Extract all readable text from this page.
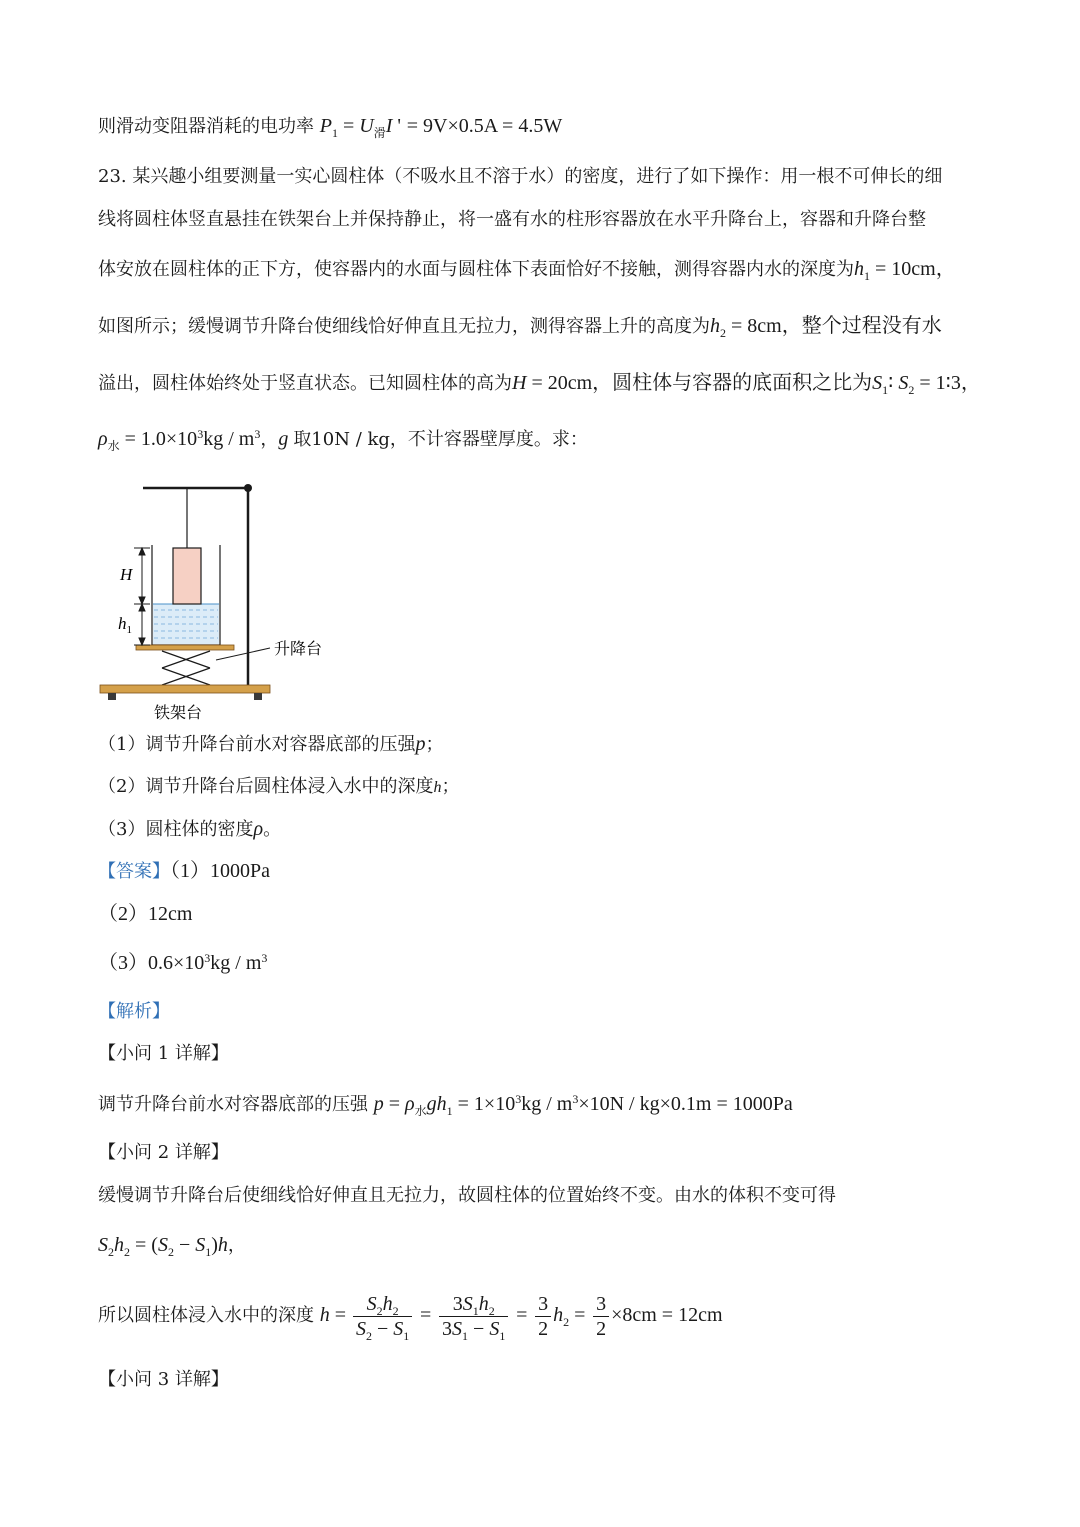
则滑动变阻器消耗的电功率 $P_1 = U_滑I$ ' = 9V×0.5A = 4.5W
23. 某兴趣小组要测量一实心圆柱体（不吸水且不溶于水）的密度，进行了如下操作：用一根不可伸长的细
线将圆柱体竖直悬挂在铁架台上并保持静止，将一盛有水的柱形容器放在水平升降台上，容器和升降台整
体安放在圆柱体的正下方，使容器内的水面与圆柱体下表面恰好不接触，测得容器内水的深度为$h_1 = 10cm$，
如图所示；缓慢调节升降台使细线恰好伸直且无拉力，测得容器上升的高度为$h_2 = 8cm$，整个过程没有水
溢出，圆柱体始终处于竖直状态。已知圆柱体的高为H = 20cm，圆柱体与容器的底面积之比为$S_1∶$ $S_2$ = 1∶3，
$\rho_水 = 1.0\times 10^3kg / m^3$，g 取10N / kg，不计容器壁厚度。求：
升降台
铁架台
H
$h_1$
（1）调节升降台前水对容器底部的压强p；
（2）调节升降台后圆柱体浸入水中的深度h；
（3）圆柱体的密度ρ。
【答案】（1）1000Pa
（2）12cm
$(3)0.6\times 10^3kg / m^3$
【解析】
【小问 1 详解】
调节升降台前水对容器底部的压强 $p = \rho_水gh_1 = 1\times 10^3kg / m^3\times 10N / kg\times 0.1m = 1000Pa$
【小问 2 详解】
缓慢调节升降台后使细线恰好伸直且无拉力，故圆柱体的位置始终不变。由水的体积不变可得
$S_2h_2 = (S_2 - S_1)h$，
所以圆柱体浸入水中的深度 $h = \frac{S_2h_2}{S_2 - S_1} = \frac{3S_1h_2}{3S_1 - S_1} = \frac{3}{2} h_2 = \frac{3}{2} \times 8cm = 12cm$
【小问 3 详解】
